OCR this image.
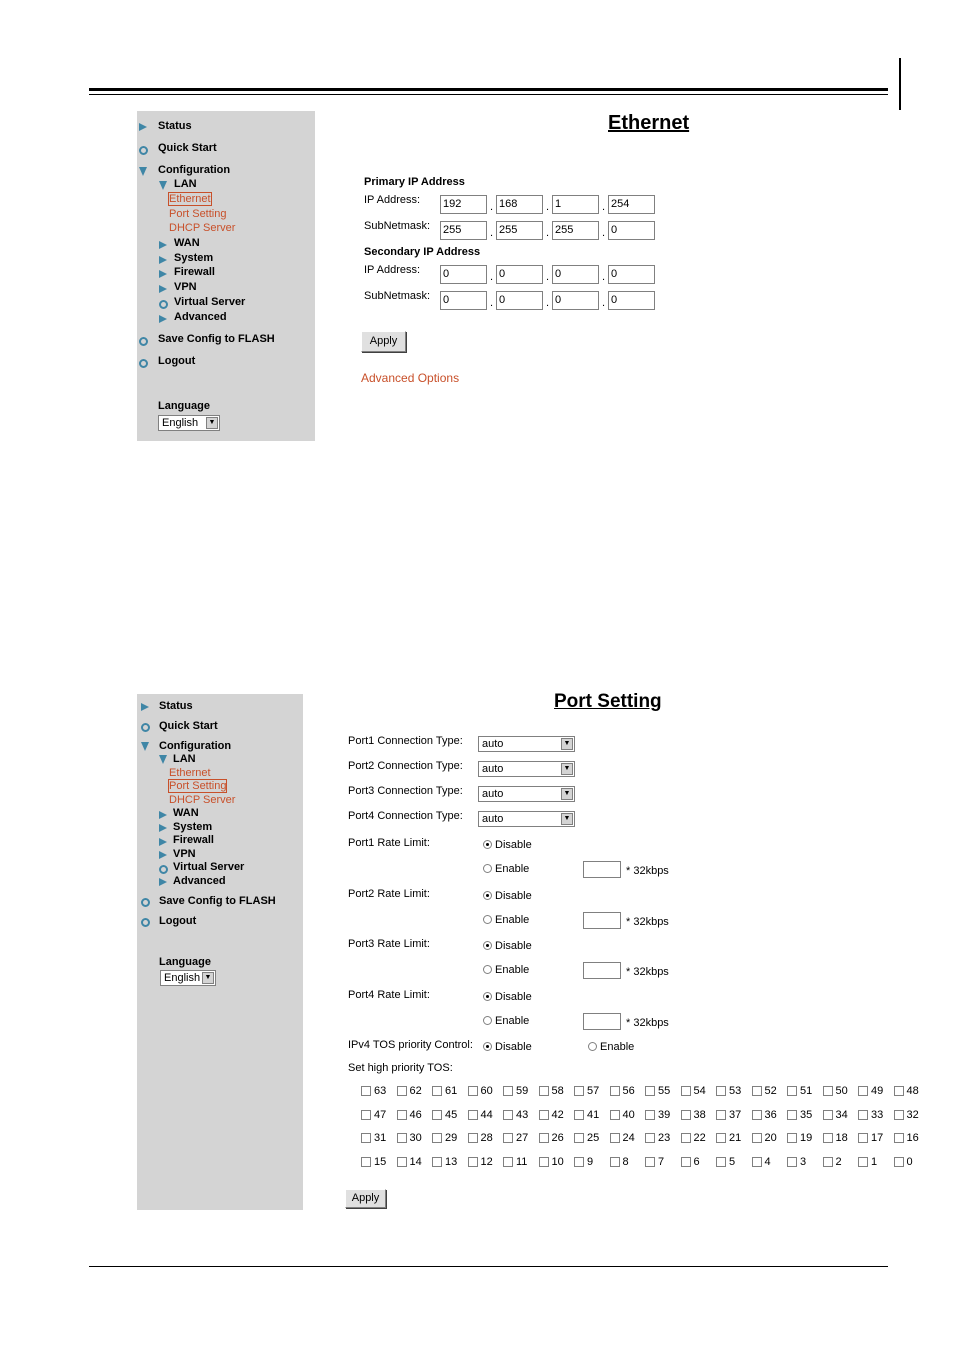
Status
Quick Start
Configuration
LAN
Ethernet
Port Setting
DHCP Server
WAN
System
Firewall
VPN
Virtual Server
Advanced
Save Config to FLASH
Logout
Language
English	▼
Ethernet
Primary IP Address
IP Address: 192	. 168	. 1	. 254
SubNetmask: 255	. 255	. 255	. 0
Secondary IP Address
IP Address: 0	. 0	. 0	. 0
SubNetmask: 0	. 0	. 0	. 0
Apply
Advanced Options
Status
Quick Start
Configuration
LAN
Ethernet
Port Setting
DHCP Server
WAN
System
Firewall
VPN
Virtual Server
Advanced
Save Config to FLASH
Logout
Language
English ▼
Port Setting
Port1 Connection Type:	auto	▼
Port2 Connection Type:	auto	▼
Port3 Connection Type:	auto	▼
Port4 Connection Type:	auto	▼
Port1 Rate Limit:	Disable
Enable	* 32kbps
Port2 Rate Limit:	Disable
Enable	* 32kbps
Port3 Rate Limit:	Disable
Enable	* 32kbps
Port4 Rate Limit:	Disable
Enable	* 32kbps
IPv4 TOS priority Control: Disable	Enable
Set high priority TOS:
63 62 61 60 59 58 57 56 55 54 53 52 51 50 49 48
47 46 45 44 43 42 41 40 39 38 37 36 35 34 33 32
31 30 29 28 27 26 25 24 23 22 21 20 19 18 17 16
15 14 13 12 11 10 9	8	7	6	5	4	3	2	1	0
Apply
